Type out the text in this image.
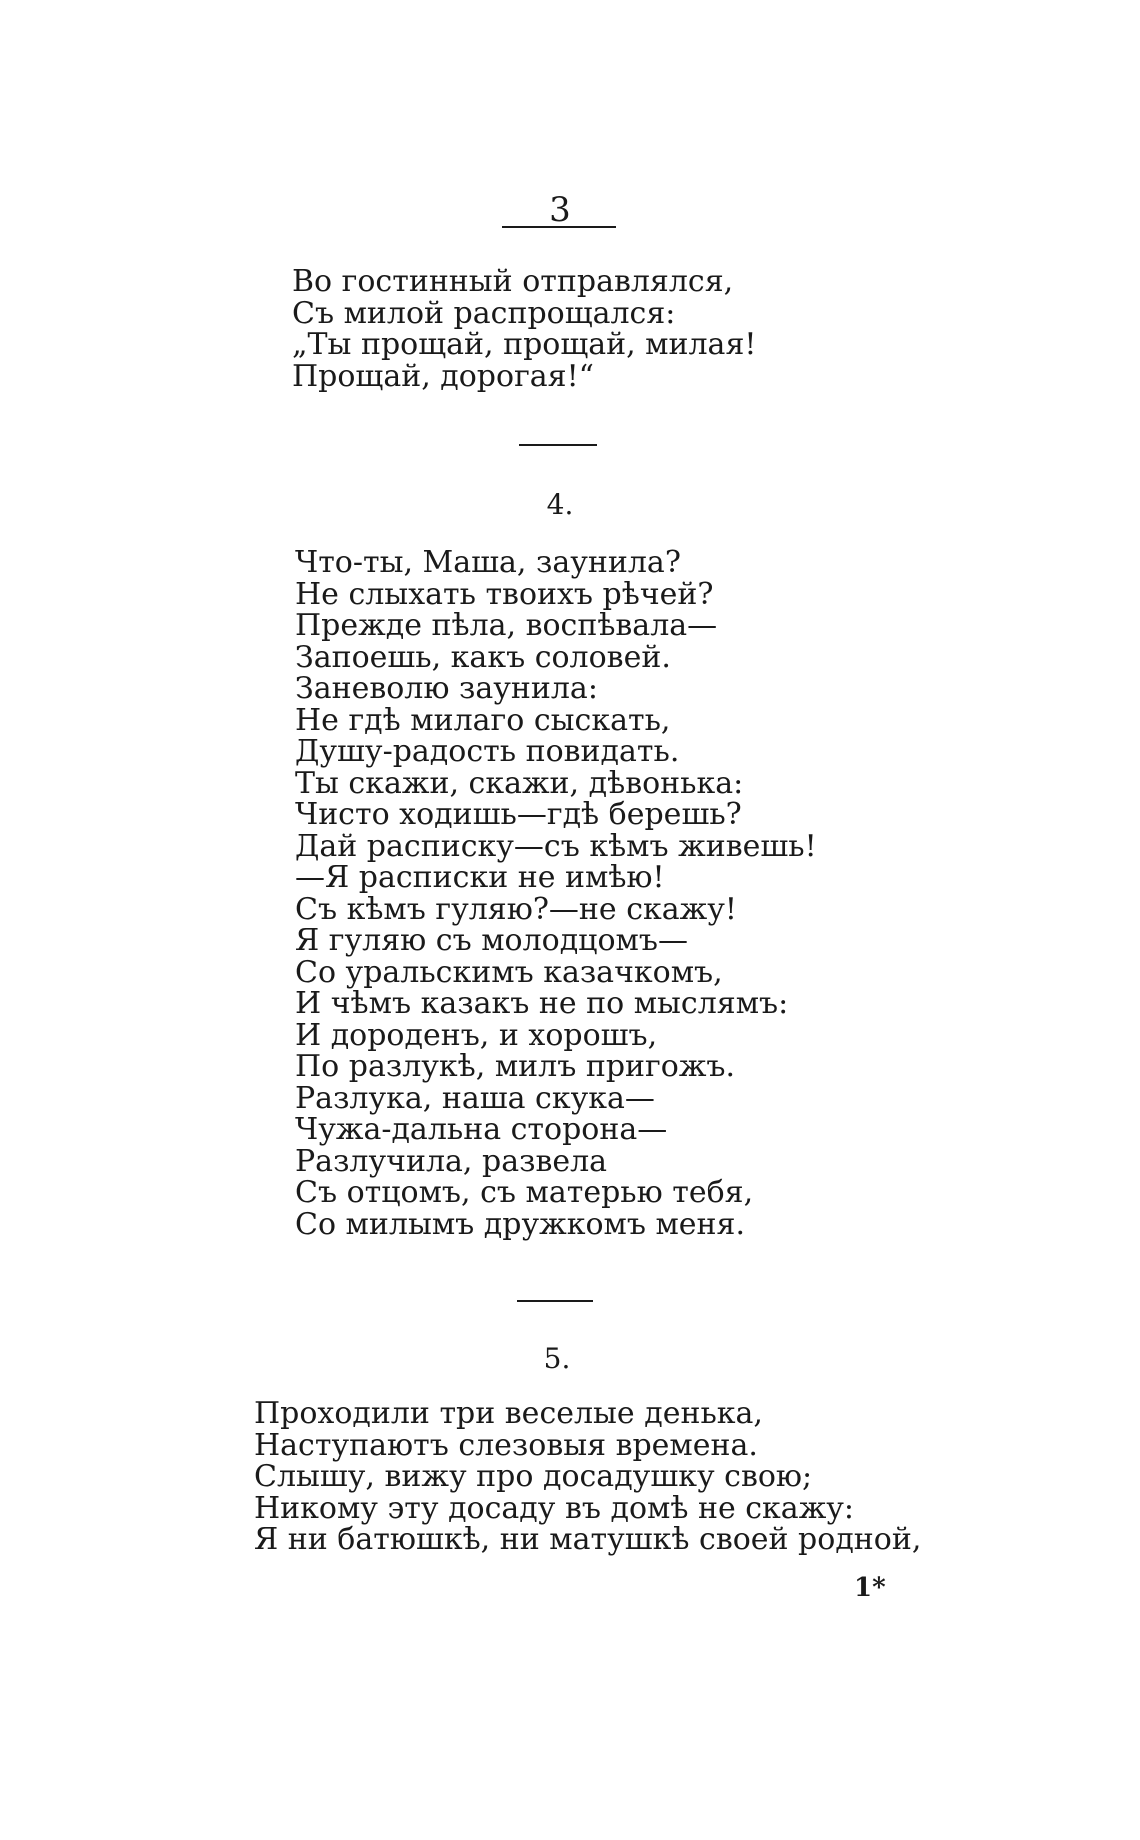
3
Во гостинный отправлялся,
Съ милой распрощался:
„Ты прощай, прощай, милая!
Прощай, дорогая!“
4.
Что-ты, Маша, заунила?
Не слыхать твоихъ рѣчей?
Прежде пѣла, воспѣвала—
Запоешь, какъ соловей.
Заневолю заунила:
Не гдѣ милаго сыскать,
Душу-радость повидать.
Ты скажи, скажи, дѣвонька:
Чисто ходишь—гдѣ берешь?
Дай расписку—съ кѣмъ живешь!
—Я расписки не имѣю!
Съ кѣмъ гуляю?—не скажу!
Я гуляю съ молодцомъ—
Со уральскимъ казачкомъ,
И чѣмъ казакъ не по мыслямъ:
И дороденъ, и хорошъ,
По разлукѣ, милъ пригожъ.
Разлука, наша скука—
Чужа-дальна сторона—
Разлучила, развела
Съ отцомъ, съ матерью тебя,
Со милымъ дружкомъ меня.
5.
Проходили три веселые денька,
Наступаютъ слезовыя времена.
Слышу, вижу про досадушку свою;
Никому эту досаду въ домѣ не скажу:
Я ни батюшкѣ, ни матушкѣ своей родной,
1*
